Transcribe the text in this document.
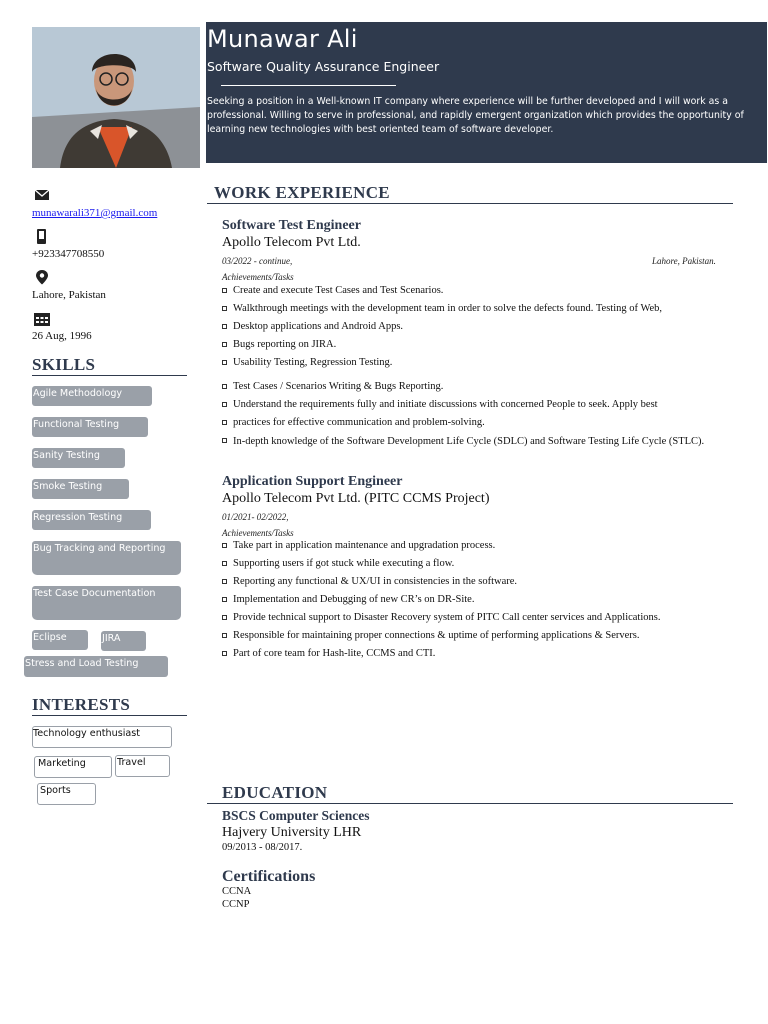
Munawar Ali
Software Quality Assurance Engineer
Seeking a position in a Well-known IT company where experience will be further developed and I will work as a professional. Willing to serve in professional, and rapidly emergent organization which provides the opportunity of learning new technologies with best oriented team of software developer.
munawarali371@gmail.com
+923347708550
Lahore, Pakistan
26 Aug, 1996
SKILLS
Agile Methodology
Functional Testing
Sanity Testing
Smoke Testing
Regression Testing
Bug Tracking and Reporting
Test Case Documentation
Eclipse	JIRA
Stress and Load Testing
INTERESTS
Technology enthusiast
Marketing	Travel
Sports
WORK EXPERIENCE
Software Test Engineer
Apollo Telecom Pvt Ltd.
03/2022 - continue,	Lahore, Pakistan.
Achievements/Tasks
Create and execute Test Cases and Test Scenarios.
Walkthrough meetings with the development team in order to solve the defects found. Testing of Web,
Desktop applications and Android Apps.
Bugs reporting on JIRA.
Usability Testing, Regression Testing.
Test Cases / Scenarios Writing & Bugs Reporting.
Understand the requirements fully and initiate discussions with concerned People to seek. Apply best
practices for effective communication and problem-solving.
In-depth knowledge of the Software Development Life Cycle (SDLC) and Software Testing Life Cycle (STLC).
Application Support Engineer
Apollo Telecom Pvt Ltd. (PITC CCMS Project)
01/2021- 02/2022,
Achievements/Tasks
Take part in application maintenance and upgradation process.
Supporting users if got stuck while executing a flow.
Reporting any functional & UX/UI in consistencies in the software.
Implementation and Debugging of new CR’s on DR-Site.
Provide technical support to Disaster Recovery system of PITC Call center services and Applications.
Responsible for maintaining proper connections & uptime of performing applications & Servers.
Part of core team for Hash-lite, CCMS and CTI.
EDUCATION
BSCS Computer Sciences
Hajvery University LHR
09/2013 - 08/2017.
Certifications
CCNA
CCNP
